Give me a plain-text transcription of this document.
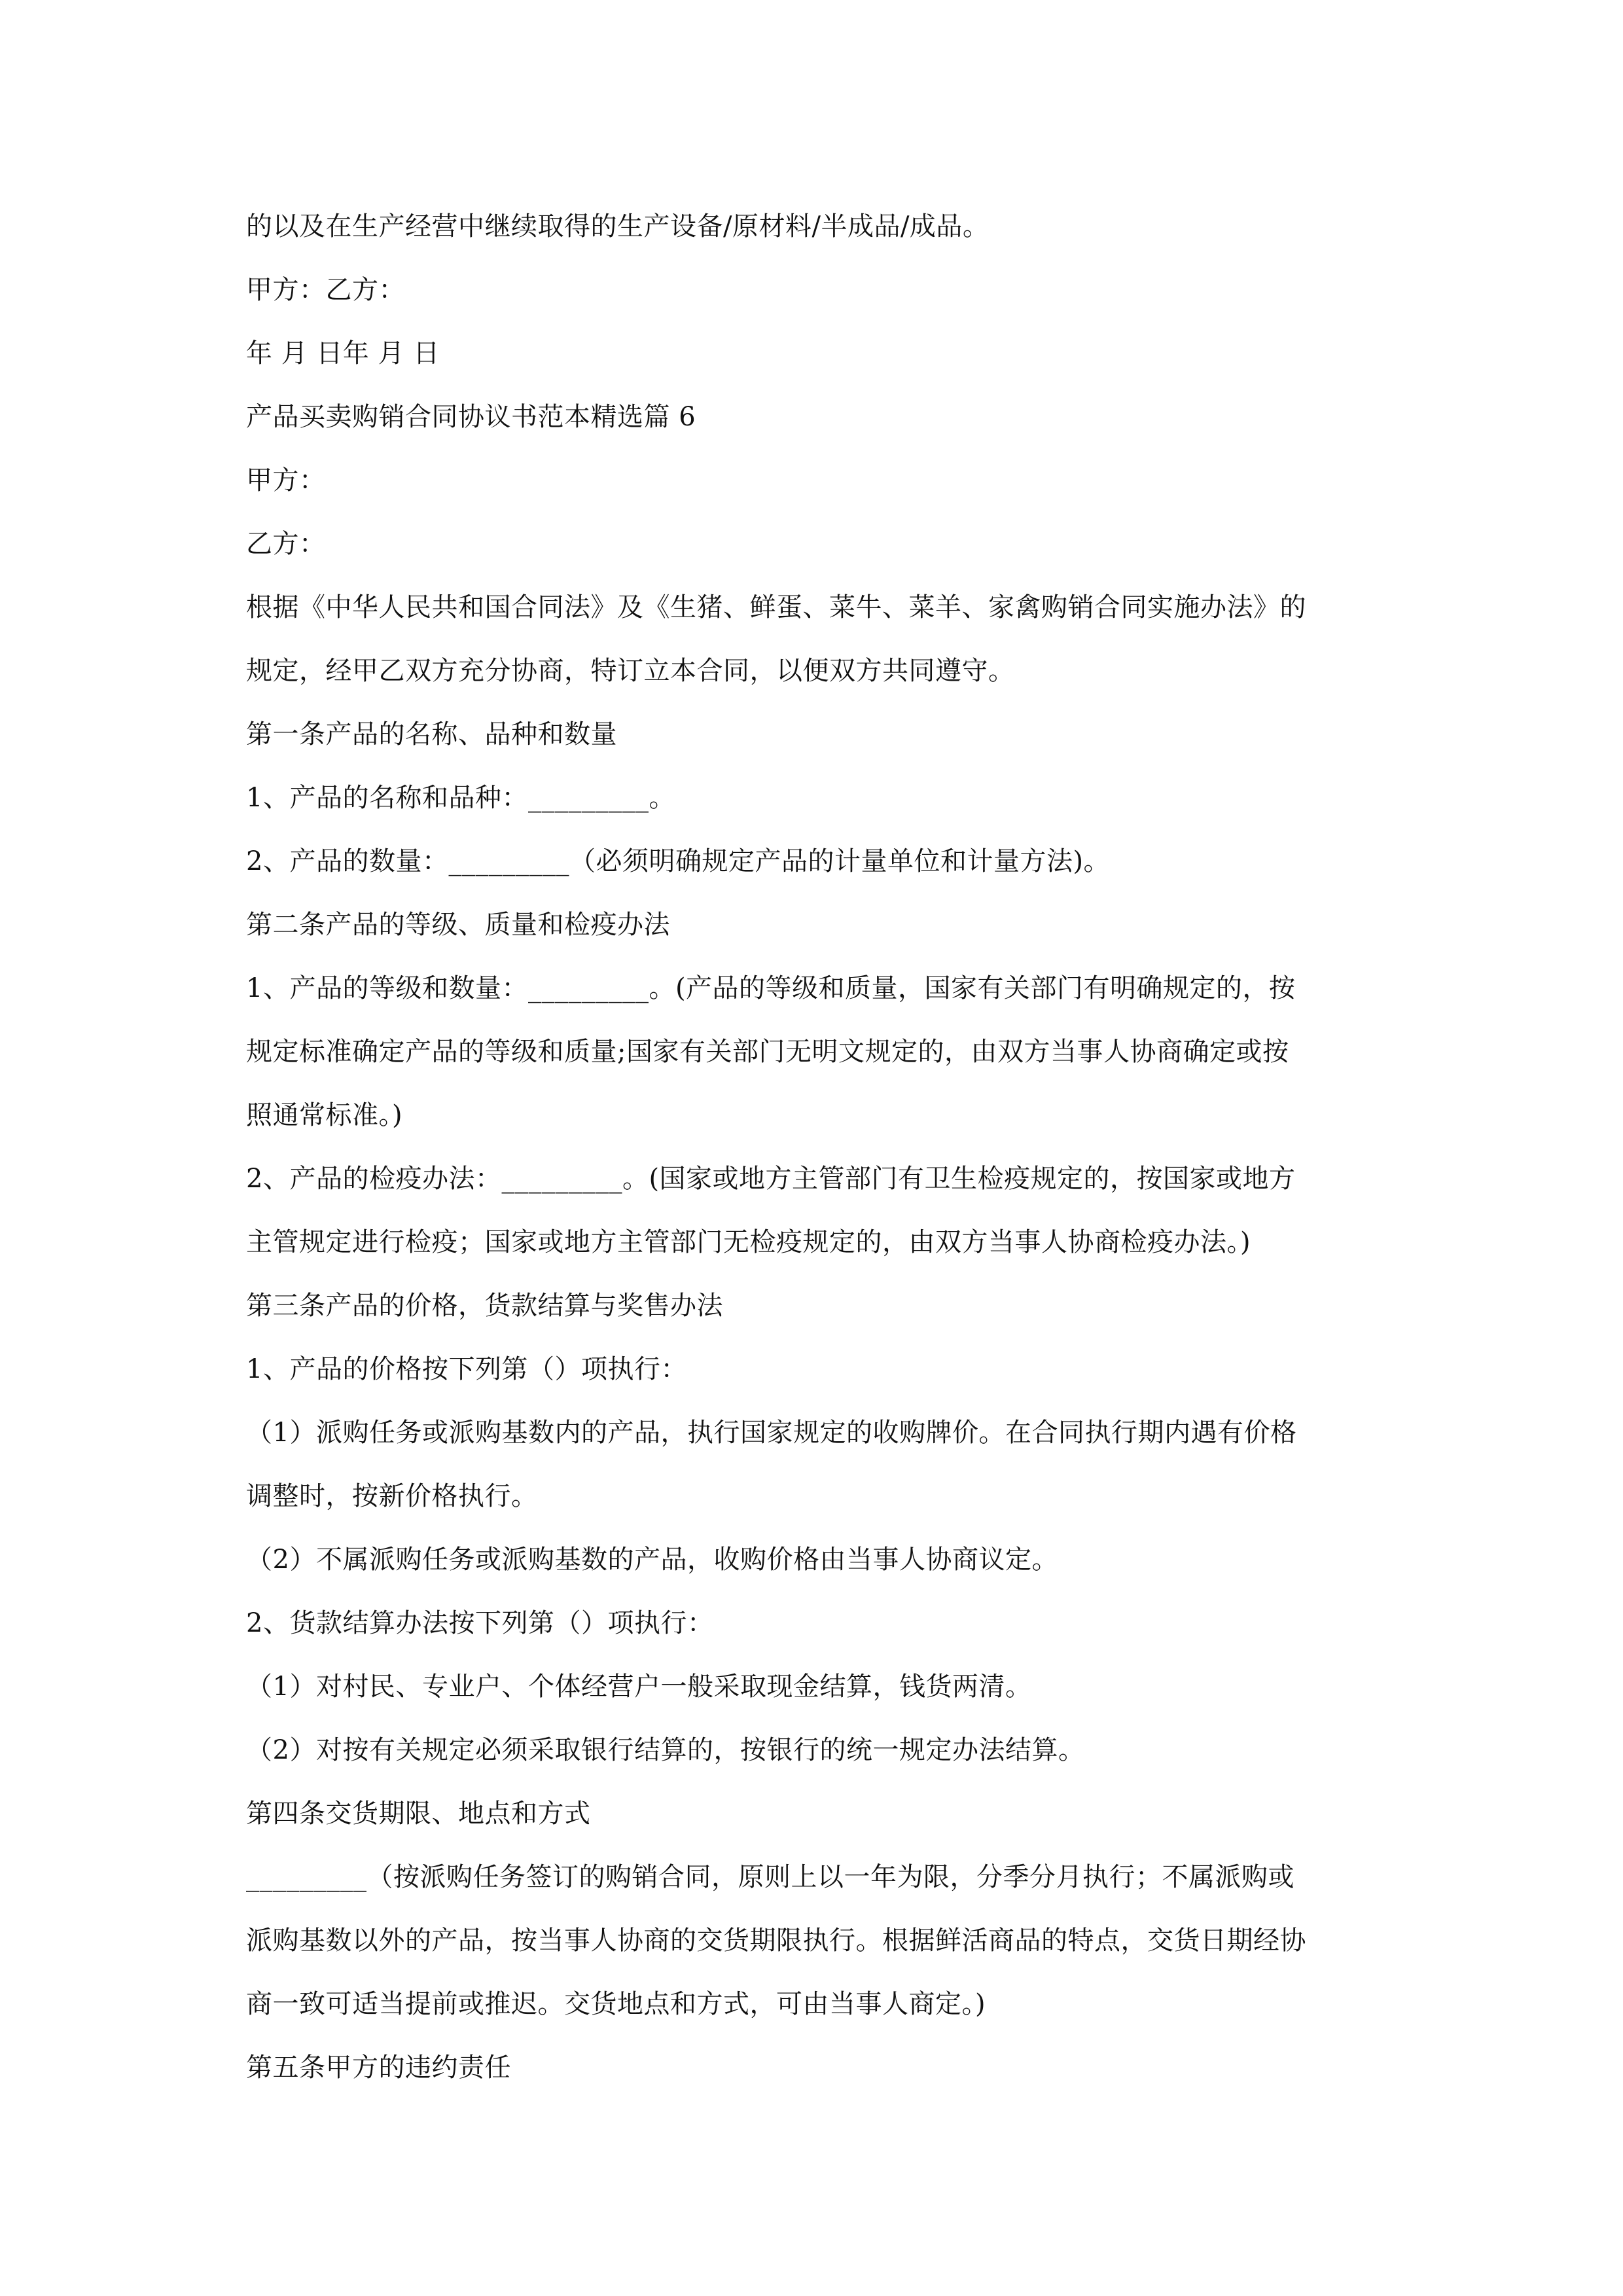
的以及在生产经营中继续取得的生产设备/原材料/半成品/成品。

甲方：乙方：

年 月 日年 月 日

产品买卖购销合同协议书范本精选篇 6

甲方：

乙方：

根据《中华人民共和国合同法》及《生猪、鲜蛋、菜牛、菜羊、家禽购销合同实施办法》的

规定，经甲乙双方充分协商，特订立本合同，以便双方共同遵守。

第一条产品的名称、品种和数量

1、产品的名称和品种：_________。

2、产品的数量：_________（必须明确规定产品的计量单位和计量方法)。

第二条产品的等级、质量和检疫办法

1、产品的等级和数量：_________。(产品的等级和质量，国家有关部门有明确规定的，按

规定标准确定产品的等级和质量;国家有关部门无明文规定的，由双方当事人协商确定或按

照通常标准。)

2、产品的检疫办法：_________。(国家或地方主管部门有卫生检疫规定的，按国家或地方

主管规定进行检疫；国家或地方主管部门无检疫规定的，由双方当事人协商检疫办法。)

第三条产品的价格，货款结算与奖售办法

1、产品的价格按下列第（）项执行：

（1）派购任务或派购基数内的产品，执行国家规定的收购牌价。在合同执行期内遇有价格

调整时，按新价格执行。

（2）不属派购任务或派购基数的产品，收购价格由当事人协商议定。

2、货款结算办法按下列第（）项执行：

（1）对村民、专业户、个体经营户一般采取现金结算，钱货两清。

（2）对按有关规定必须采取银行结算的，按银行的统一规定办法结算。

第四条交货期限、地点和方式

_________（按派购任务签订的购销合同，原则上以一年为限，分季分月执行；不属派购或

派购基数以外的产品，按当事人协商的交货期限执行。根据鲜活商品的特点，交货日期经协

商一致可适当提前或推迟。交货地点和方式，可由当事人商定。)

第五条甲方的违约责任
